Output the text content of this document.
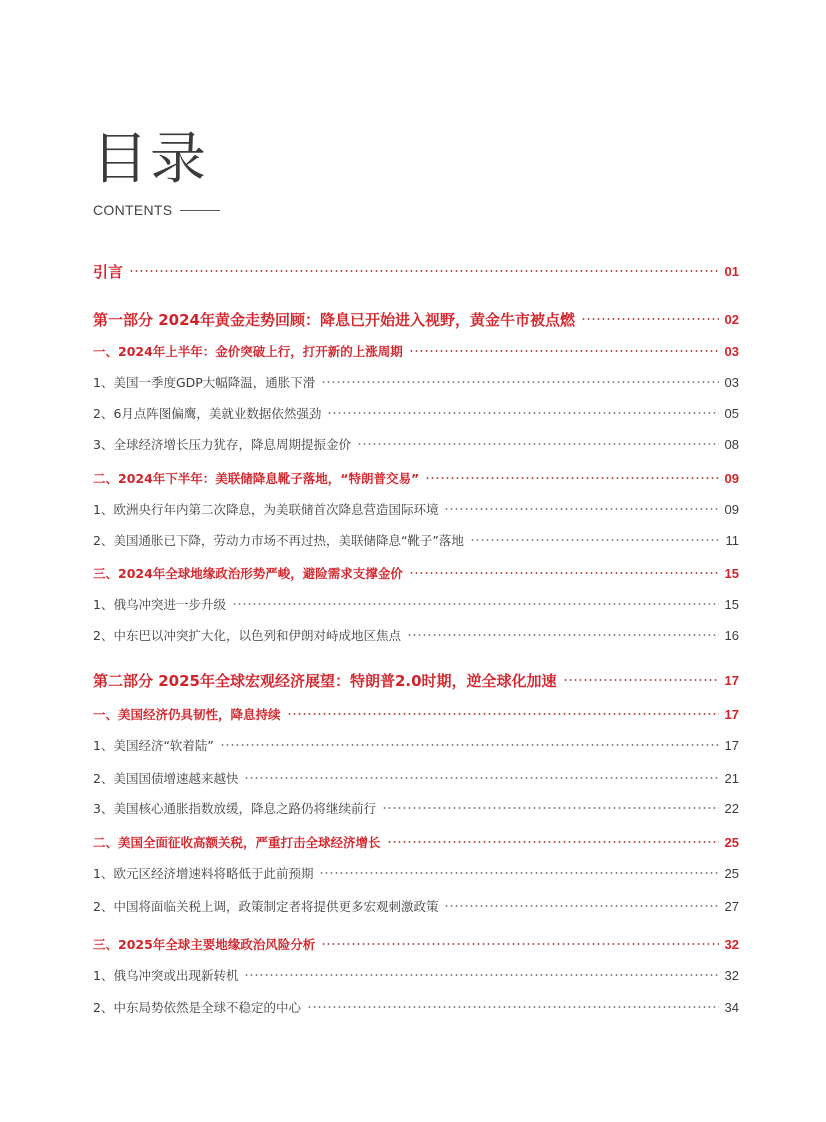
目录
CONTENTS
引言	01
第一部分 2024年黄金走势回顾：降息已开始进入视野，黄金牛市被点燃	02
一、2024年上半年：金价突破上行，打开新的上涨周期	03
1、美国一季度GDP大幅降温，通胀下滑	03
2、6月点阵图偏鹰，美就业数据依然强劲	05
3、全球经济增长压力犹存，降息周期提振金价	08
二、2024年下半年：美联储降息靴子落地，“特朗普交易”	09
1、欧洲央行年内第二次降息，为美联储首次降息营造国际环境	09
2、美国通胀已下降，劳动力市场不再过热，美联储降息“靴子”落地	11
三、2024年全球地缘政治形势严峻，避险需求支撑金价	15
1、俄乌冲突进一步升级	15
2、中东巴以冲突扩大化，以色列和伊朗对峙成地区焦点	16
第二部分 2025年全球宏观经济展望：特朗普2.0时期，逆全球化加速	17
一、美国经济仍具韧性，降息持续	17
1、美国经济“软着陆”	17
2、美国国债增速越来越快	21
3、美国核心通胀指数放缓，降息之路仍将继续前行	22
二、美国全面征收高额关税，严重打击全球经济增长	25
1、欧元区经济增速料将略低于此前预期	25
2、中国将面临关税上调，政策制定者将提供更多宏观刺激政策	27
三、2025年全球主要地缘政治风险分析	32
1、俄乌冲突或出现新转机	32
2、中东局势依然是全球不稳定的中心	34
